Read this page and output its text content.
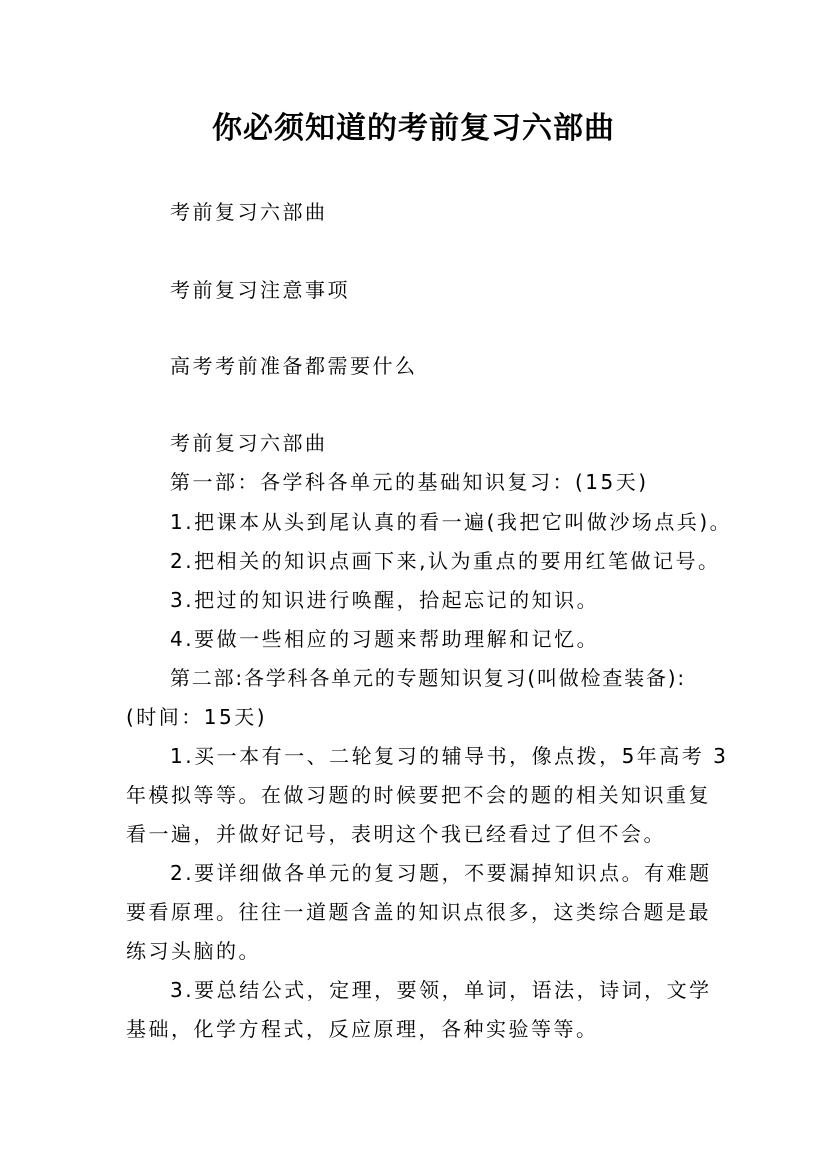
你必须知道的考前复习六部曲
考前复习六部曲
考前复习注意事项
高考考前准备都需要什么
考前复习六部曲
第一部：各学科各单元的基础知识复习：(15天)
1.把课本从头到尾认真的看一遍(我把它叫做沙场点兵)。
2.把相关的知识点画下来,认为重点的要用红笔做记号。
3.把过的知识进行唤醒，拾起忘记的知识。
4.要做一些相应的习题来帮助理解和记忆。
第二部:各学科各单元的专题知识复习(叫做检查装备):
(时间：15天)
1.买一本有一、二轮复习的辅导书，像点拨，5年高考 3
年模拟等等。在做习题的时候要把不会的题的相关知识重复
看一遍，并做好记号，表明这个我已经看过了但不会。
2.要详细做各单元的复习题，不要漏掉知识点。有难题
要看原理。往往一道题含盖的知识点很多，这类综合题是最
练习头脑的。
3.要总结公式，定理，要领，单词，语法，诗词，文学
基础，化学方程式，反应原理，各种实验等等。
